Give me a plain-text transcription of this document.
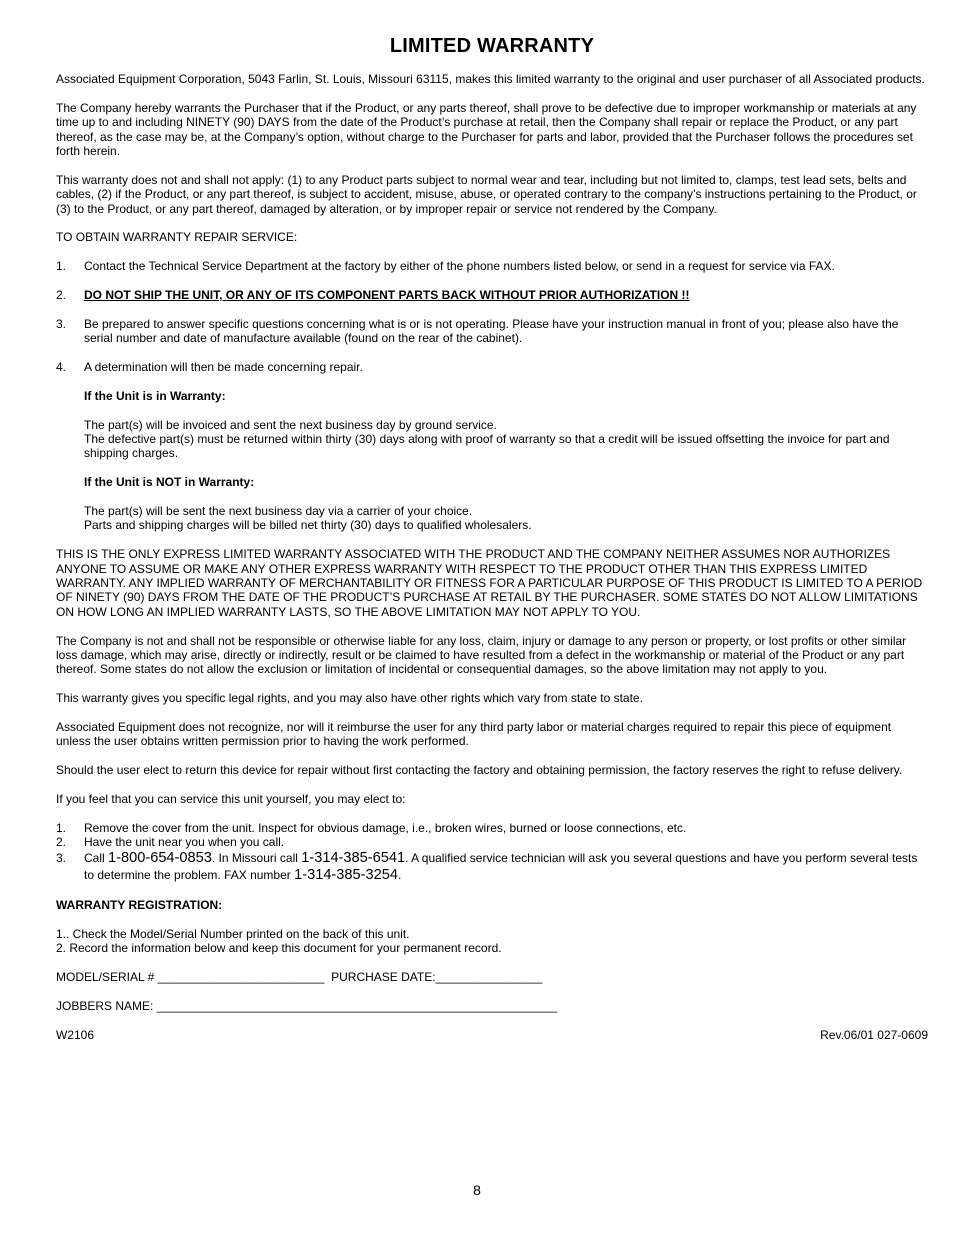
LIMITED WARRANTY

Associated Equipment Corporation, 5043 Farlin, St. Louis, Missouri 63115, makes this limited warranty to the original and user purchaser of all Associated products.

The Company hereby warrants the Purchaser that if the Product, or any parts thereof, shall prove to be defective due to improper workmanship or materials at any time up to and including NINETY (90) DAYS from the date of the Product’s purchase at retail, then the Company shall repair or replace the Product, or any part thereof, as the case may be, at the Company’s option, without charge to the Purchaser for parts and labor, provided that the Purchaser follows the procedures set forth herein.

This warranty does not and shall not apply: (1) to any Product parts subject to normal wear and tear, including but not limited to, clamps, test lead sets, belts and cables, (2) if the Product, or any part thereof, is subject to accident, misuse, abuse, or operated contrary to the company’s instructions pertaining to the Product, or (3) to the Product, or any part thereof, damaged by alteration, or by improper repair or service not rendered by the Company.

TO OBTAIN WARRANTY REPAIR SERVICE:

1. Contact the Technical Service Department at the factory by either of the phone numbers listed below, or send in a request for service via FAX.
2. DO NOT SHIP THE UNIT, OR ANY OF ITS COMPONENT PARTS BACK WITHOUT PRIOR AUTHORIZATION !!
3. Be prepared to answer specific questions concerning what is or is not operating. Please have your instruction manual in front of you; please also have the serial number and date of manufacture available (found on the rear of the cabinet).
4. A determination will then be made concerning repair.

If the Unit is in Warranty:

The part(s) will be invoiced and sent the next business day by ground service.
The defective part(s) must be returned within thirty (30) days along with proof of warranty so that a credit will be issued offsetting the invoice for part and shipping charges.

If the Unit is NOT in Warranty:

The part(s) will be sent the next business day via a carrier of your choice.
Parts and shipping charges will be billed net thirty (30) days to qualified wholesalers.

THIS IS THE ONLY EXPRESS LIMITED WARRANTY ASSOCIATED WITH THE PRODUCT AND THE COMPANY NEITHER ASSUMES NOR AUTHORIZES ANYONE TO ASSUME OR MAKE ANY OTHER EXPRESS WARRANTY WITH RESPECT TO THE PRODUCT OTHER THAN THIS EXPRESS LIMITED WARRANTY. ANY IMPLIED WARRANTY OF MERCHANTABILITY OR FITNESS FOR A PARTICULAR PURPOSE OF THIS PRODUCT IS LIMITED TO A PERIOD OF NINETY (90) DAYS FROM THE DATE OF THE PRODUCT’S PURCHASE AT RETAIL BY THE PURCHASER. SOME STATES DO NOT ALLOW LIMITATIONS ON HOW LONG AN IMPLIED WARRANTY LASTS, SO THE ABOVE LIMITATION MAY NOT APPLY TO YOU.

The Company is not and shall not be responsible or otherwise liable for any loss, claim, injury or damage to any person or property, or lost profits or other similar loss damage, which may arise, directly or indirectly, result or be claimed to have resulted from a defect in the workmanship or material of the Product or any part thereof. Some states do not allow the exclusion or limitation of incidental or consequential damages, so the above limitation may not apply to you.

This warranty gives you specific legal rights, and you may also have other rights which vary from state to state.

Associated Equipment does not recognize, nor will it reimburse the user for any third party labor or material charges required to repair this piece of equipment unless the user obtains written permission prior to having the work performed.

Should the user elect to return this device for repair without first contacting the factory and obtaining permission, the factory reserves the right to refuse delivery.

If you feel that you can service this unit yourself, you may elect to:

1. Remove the cover from the unit. Inspect for obvious damage, i.e., broken wires, burned or loose connections, etc.
2. Have the unit near you when you call.
3. Call 1-800-654-0853. In Missouri call 1-314-385-6541. A qualified service technician will ask you several questions and have you perform several tests to determine the problem. FAX number 1-314-385-3254.

WARRANTY REGISTRATION:

1.. Check the Model/Serial Number printed on the back of this unit.
2. Record the information below and keep this document for your permanent record.

MODEL/SERIAL # _________________________  PURCHASE DATE:________________
JOBBERS NAME: ____________________________________________________________
W2106	Rev.06/01 027-0609
8
